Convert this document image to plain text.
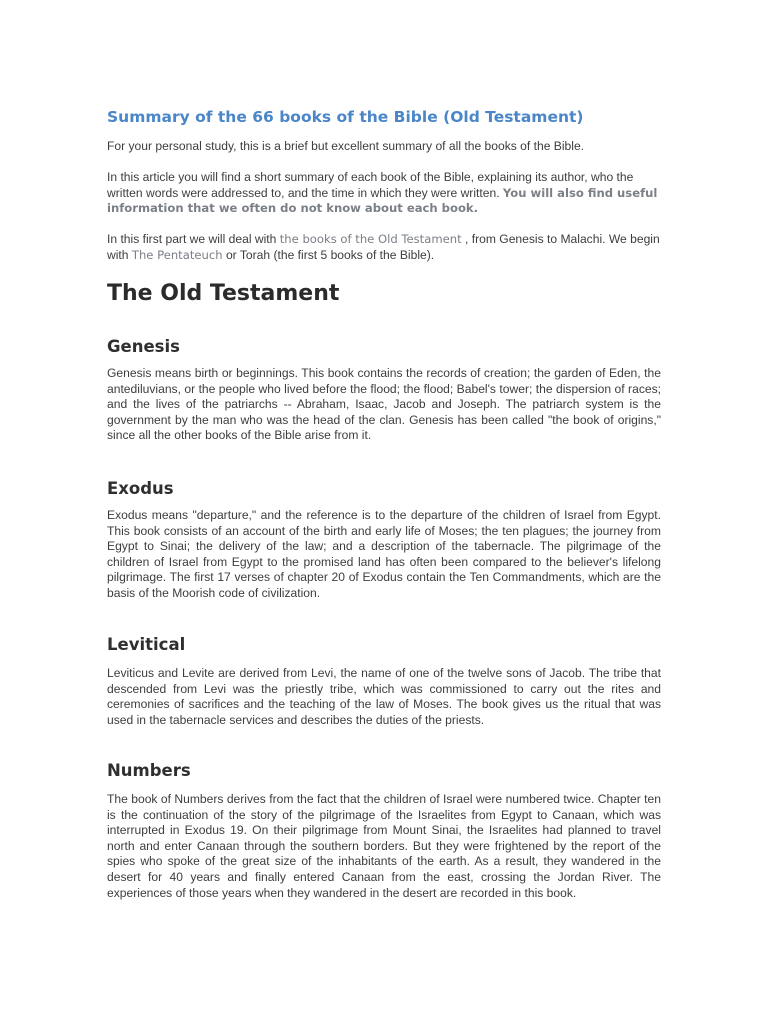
Summary of the 66 books of the Bible (Old Testament)

For your personal study, this is a brief but excellent summary of all the books of the Bible.

In this article you will find a short summary of each book of the Bible, explaining its author, who the written words were addressed to, and the time in which they were written. You will also find useful information that we often do not know about each book.

In this first part we will deal with the books of the Old Testament , from Genesis to Malachi. We begin with The Pentateuch or Torah (the first 5 books of the Bible).

The Old Testament
Genesis

Genesis means birth or beginnings. This book contains the records of creation; the garden of Eden, the antediluvians, or the people who lived before the flood; the flood; Babel's tower; the dispersion of races; and the lives of the patriarchs -- Abraham, Isaac, Jacob and Joseph. The patriarch system is the government by the man who was the head of the clan. Genesis has been called "the book of origins," since all the other books of the Bible arise from it.

Exodus

Exodus means "departure," and the reference is to the departure of the children of Israel from Egypt. This book consists of an account of the birth and early life of Moses; the ten plagues; the journey from Egypt to Sinai; the delivery of the law; and a description of the tabernacle. The pilgrimage of the children of Israel from Egypt to the promised land has often been compared to the believer's lifelong pilgrimage. The first 17 verses of chapter 20 of Exodus contain the Ten Commandments, which are the basis of the Moorish code of civilization.

Levitical

Leviticus and Levite are derived from Levi, the name of one of the twelve sons of Jacob. The tribe that descended from Levi was the priestly tribe, which was commissioned to carry out the rites and ceremonies of sacrifices and the teaching of the law of Moses. The book gives us the ritual that was used in the tabernacle services and describes the duties of the priests.

Numbers

The book of Numbers derives from the fact that the children of Israel were numbered twice. Chapter ten is the continuation of the story of the pilgrimage of the Israelites from Egypt to Canaan, which was interrupted in Exodus 19. On their pilgrimage from Mount Sinai, the Israelites had planned to travel north and enter Canaan through the southern borders. But they were frightened by the report of the spies who spoke of the great size of the inhabitants of the earth. As a result, they wandered in the desert for 40 years and finally entered Canaan from the east, crossing the Jordan River. The experiences of those years when they wandered in the desert are recorded in this book.
